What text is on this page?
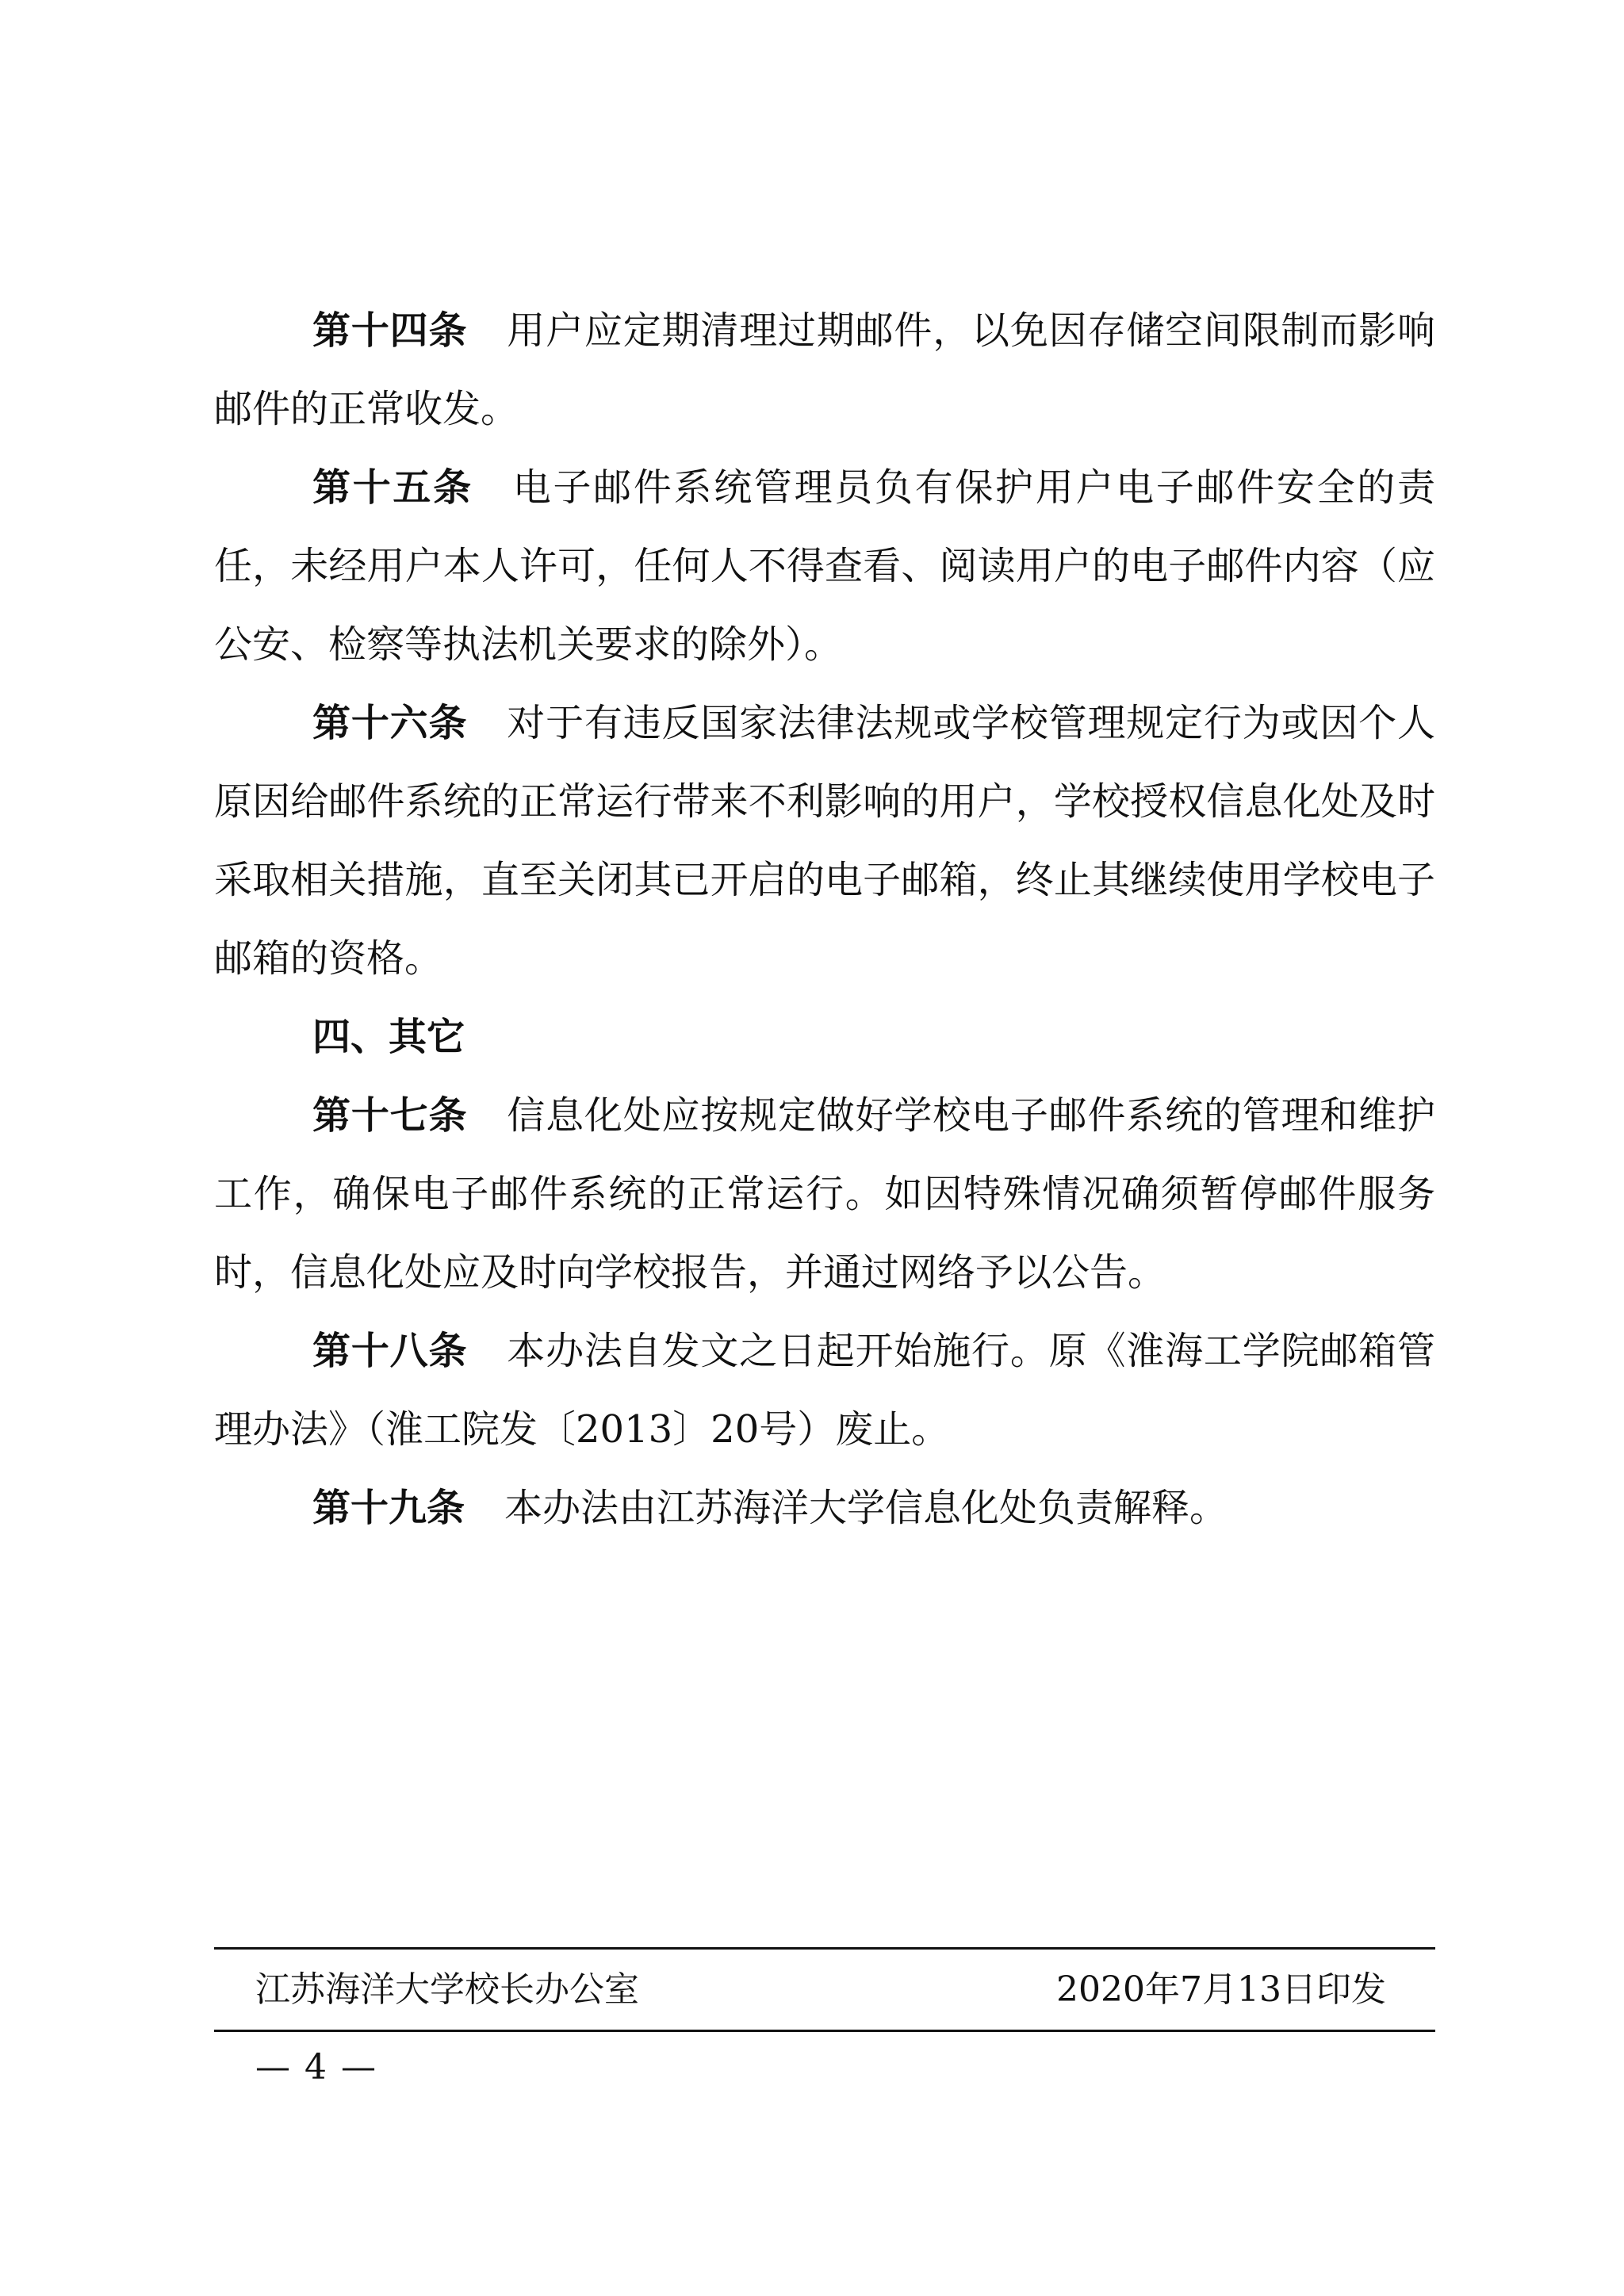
第十四条 用户应定期清理过期邮件，以免因存储空间限制而影响邮件的正常收发。

第十五条 电子邮件系统管理员负有保护用户电子邮件安全的责任，未经用户本人许可，任何人不得查看、阅读用户的电子邮件内容（应公安、检察等执法机关要求的除外）。

第十六条 对于有违反国家法律法规或学校管理规定行为或因个人原因给邮件系统的正常运行带来不利影响的用户，学校授权信息化处及时采取相关措施，直至关闭其已开启的电子邮箱，终止其继续使用学校电子邮箱的资格。

四、其它

第十七条 信息化处应按规定做好学校电子邮件系统的管理和维护工作，确保电子邮件系统的正常运行。如因特殊情况确须暂停邮件服务时，信息化处应及时向学校报告，并通过网络予以公告。

第十八条 本办法自发文之日起开始施行。原《淮海工学院邮箱管理办法》（淮工院发〔2013〕20号）废止。

第十九条 本办法由江苏海洋大学信息化处负责解释。

江苏海洋大学校长办公室	2020年7月13日印发
— 4 —
